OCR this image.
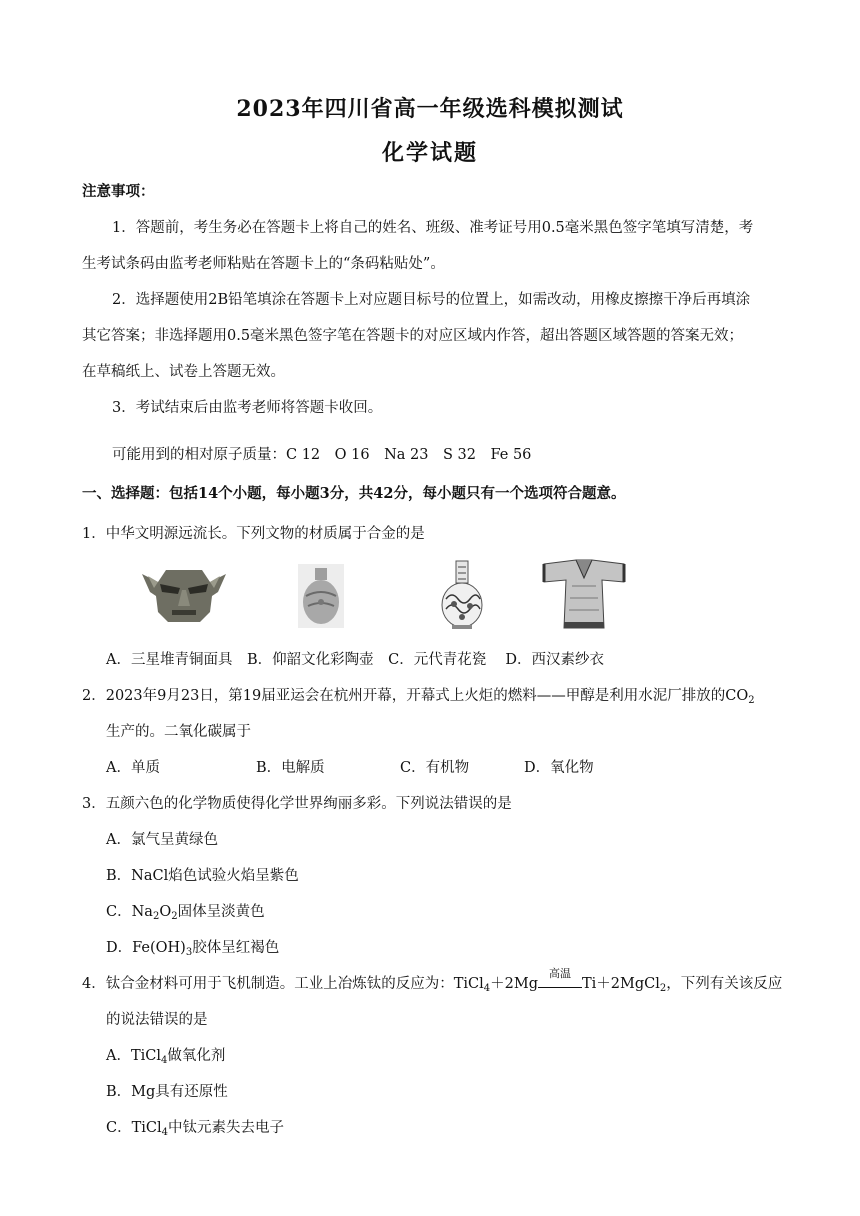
2023年四川省高一年级选科模拟测试
化学试题
注意事项：
1．答题前，考生务必在答题卡上将自己的姓名、班级、准考证号用0.5毫米黑色签字笔填写清楚，考
生考试条码由监考老师粘贴在答题卡上的“条码粘贴处”。
2．选择题使用2B铅笔填涂在答题卡上对应题目标号的位置上，如需改动，用橡皮擦擦干净后再填涂
其它答案；非选择题用0.5毫米黑色签字笔在答题卡的对应区域内作答，超出答题区域答题的答案无效；
在草稿纸上、试卷上答题无效。
3．考试结束后由监考老师将答题卡收回。
可能用到的相对原子质量：C 12　O 16　Na 23　S 32　Fe 56
一、选择题：包括14个小题，每小题3分，共42分，每小题只有一个选项符合题意。
1．中华文明源远流长。下列文物的材质属于合金的是
A．三星堆青铜面具　B．仰韶文化彩陶壶　C．元代青花瓷　 D．西汉素纱衣
2．2023年9月23日，第19届亚运会在杭州开幕，开幕式上火炬的燃料——甲醇是利用水泥厂排放的$CO_2$
生产的。二氧化碳属于
A．单质	B．电解质	C．有机物	D．氧化物
3．五颜六色的化学物质使得化学世界绚丽多彩。下列说法错误的是
A．氯气呈黄绿色
B．NaCl焰色试验火焰呈紫色
C．$Na_2O_2$固体呈淡黄色
D．$Fe(OH)_3$胶体呈红褐色
4．钛合金材料可用于飞机制造。工业上冶炼钛的反应为：TiCl$_4$＋2Mg
高温
Ti＋2MgCl$_2$，下列有关该反应
的说法错误的是
A．TiCl$_4$做氧化剂
B．Mg具有还原性
C．TiCl$_4$中钛元素失去电子
